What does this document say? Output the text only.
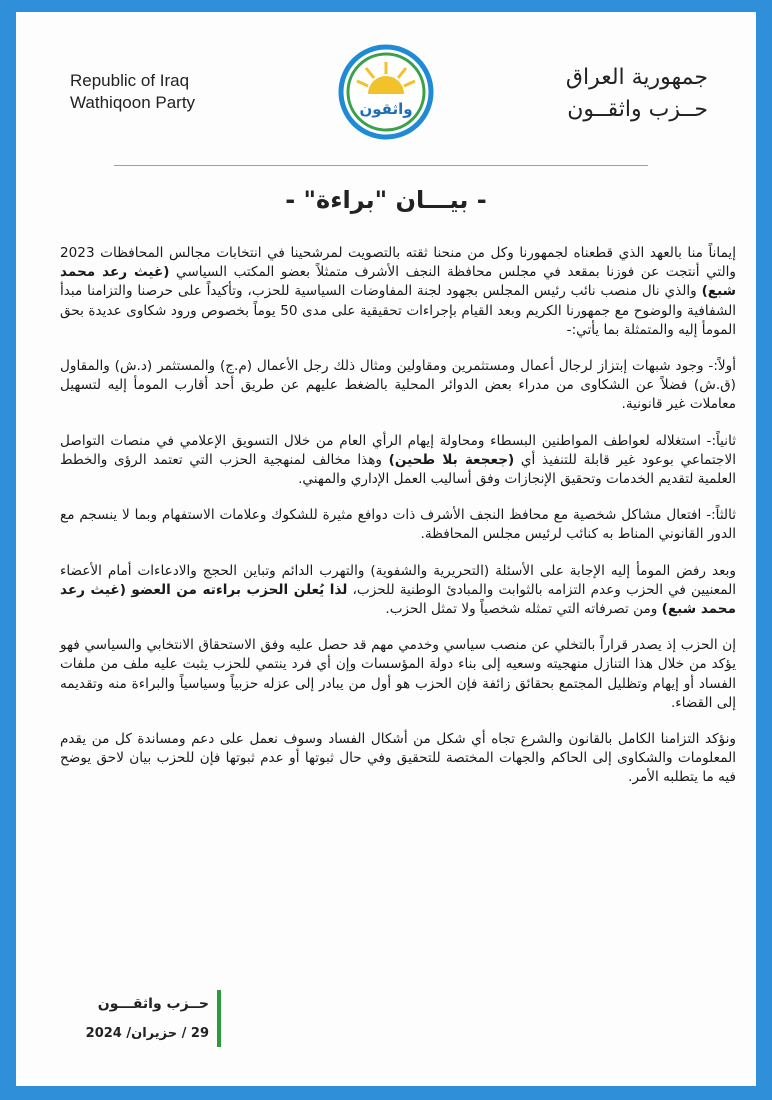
Republic of Iraq
Wathiqoon Party	واثقون
جمهورية العراق
حــزب واثقــون
- بيـــان "براءة" -

إيماناً منا بالعهد الذي قطعناه لجمهورنا وكل من منحنا ثقته بالتصويت لمرشحينا في انتخابات مجالس المحافظات 2023 والتي أنتجت عن فوزنا بمقعد في مجلس محافظة النجف الأشرف متمثلاً بعضو المكتب السياسي (غيث رعد محمد شبع) والذي نال منصب نائب رئيس المجلس بجهود لجنة المفاوضات السياسية للحزب، وتأكيداً على حرصنا والتزامنا مبدأ الشفافية والوضوح مع جمهورنا الكريم وبعد القيام بإجراءات تحقيقية على مدى 50 يوماً بخصوص ورود شكاوى عديدة بحق المومأ إليه والمتمثلة بما يأتي:-

أولاً:- وجود شبهات إبتزاز لرجال أعمال ومستثمرين ومقاولين ومثال ذلك رجل الأعمال (م.ج) والمستثمر (د.ش) والمقاول (ق.ش) فضلاً عن الشكاوى من مدراء بعض الدوائر المحلية بالضغط عليهم عن طريق أحد أقارب المومأ إليه لتسهيل معاملات غير قانونية.

ثانياً:- استغلاله لعواطف المواطنين البسطاء ومحاولة إيهام الرأي العام من خلال التسويق الإعلامي في منصات التواصل الاجتماعي بوعود غير قابلة للتنفيذ أي (جعجعة بلا طحين) وهذا مخالف لمنهجية الحزب التي تعتمد الرؤى والخطط العلمية لتقديم الخدمات وتحقيق الإنجازات وفق أساليب العمل الإداري والمهني.

ثالثاً:- افتعال مشاكل شخصية مع محافظ النجف الأشرف ذات دوافع مثيرة للشكوك وعلامات الاستفهام وبما لا ينسجم مع الدور القانوني المناط به كنائب لرئيس مجلس المحافظة.

وبعد رفض المومأ إليه الإجابة على الأسئلة (التحريرية والشفوية) والتهرب الدائم وتباين الحجج والادعاءات أمام الأعضاء المعنيين في الحزب وعدم التزامه بالثوابت والمبادئ الوطنية للحزب، لذا يُعلن الحزب براءته من العضو (غيث رعد محمد شبع) ومن تصرفاته التي تمثله شخصياً ولا تمثل الحزب.

إن الحزب إذ يصدر قراراً بالتخلي عن منصب سياسي وخدمي مهم قد حصل عليه وفق الاستحقاق الانتخابي والسياسي فهو يؤكد من خلال هذا التنازل منهجيته وسعيه إلى بناء دولة المؤسسات وإن أي فرد ينتمي للحزب يثبت عليه ملف من ملفات الفساد أو إيهام وتظليل المجتمع بحقائق زائفة فإن الحزب هو أول من يبادر إلى عزله حزبياً وسياسياً والبراءة منه وتقديمه إلى القضاء.

ونؤكد التزامنا الكامل بالقانون والشرع تجاه أي شكل من أشكال الفساد وسوف نعمل على دعم ومساندة كل من يقدم المعلومات والشكاوى إلى الحاكم والجهات المختصة للتحقيق وفي حال ثبوتها أو عدم ثبوتها فإن للحزب بيان لاحق يوضح فيه ما يتطلبه الأمر.

حــزب واثقـــون
29 / حزيران/ 2024
